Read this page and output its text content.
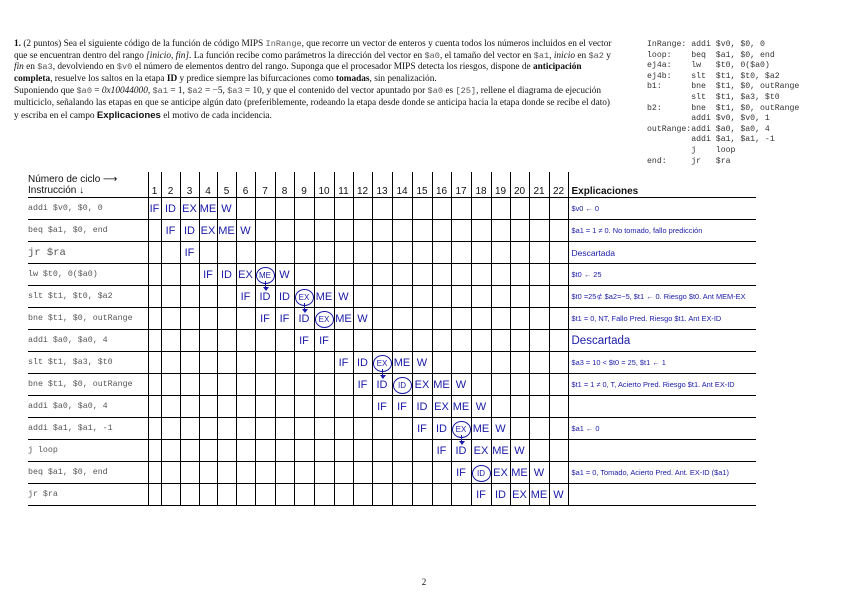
1. (2 puntos) Sea el siguiente código de la función de código MIPS InRange, que recorre un vector de enteros y cuenta todos los números incluidos en el vector que se encuentran dentro del rango [inicio, fin]. La función recibe como parámetros la dirección del vector en $a0, el tamaño del vector en $a1, inicio en $a2 y fin en $a3, devolviendo en $v0 el número de elementos dentro del rango. Suponga que el procesador MIPS detecta los riesgos, dispone de anticipación completa, resuelve los saltos en la etapa ID y predice siempre las bifurcaciones como tomadas, sin penalización.

Suponiendo que $a0 = 0x10044000, $a1 = 1, $a2 = −5, $a3 = 10, y que el contenido del vector apuntado por $a0 es [25], rellene el diagrama de ejecución multiciclo, señalando las etapas en que se anticipe algún dato (preferiblemente, rodeando la etapa desde donde se anticipa hacia la etapa donde se recibe el dato) y escriba en el campo Explicaciones el motivo de cada incidencia.

InRange: addi $v0, $0, 0
loop:    beq  $a1, $0, end
ej4a:    lw   $t0, 0($a0)
ej4b:    slt  $t1, $t0, $a2
b1:      bne  $t1, $0, outRange
slt  $t1, $a3, $t0
b2:      bne  $t1, $0, outRange
addi $v0, $v0, 1
outRange:addi $a0, $a0, 4
addi $a1, $a1, -1
j    loop
end:     jr   $ra
Número de ciclo ⟶
Instrucción ↓	1	2	3	4	5	6	7	8	9	10	11	12	13	14	15	16	17	18	19	20	21	22	Explicaciones
addi $v0, $0, 0	IF	ID	EX	ME	W																		$v0 ← 0
beq $a1, $0, end		IF	ID	EX	ME	W																	$a1 = 1 ≠ 0. No tomado, fallo predicción
jr $ra			IF																				Descartada
lw $t0, 0($a0)				IF	ID	EX	ME	W															$t0 ← 25
slt $t1, $t0, $a2						IF	ID	ID	EX	ME	W												$t0 =25⊄ $a2=−5, $t1 ← 0. Riesgo $t0. Ant MEM-EX
bne $t1, $0, outRange							IF	IF	ID	EX	ME	W											$t1 = 0, NT, Fallo Pred. Riesgo $t1. Ant EX-ID
addi $a0, $a0, 4									IF	IF													Descartada
slt $t1, $a3, $t0											IF	ID	EX	ME	W								$a3 = 10 < $t0 = 25, $t1 ← 1
bne $t1, $0, outRange												IF	ID	ID	EX	ME	W						$t1 = 1 ≠ 0, T, Acierto Pred. Riesgo $t1. Ant EX-ID
addi $a0, $a0, 4													IF	IF	ID	EX	ME	W					
addi $a1, $a1, -1															IF	ID	EX	ME	W				$a1 ← 0
j loop																IF	ID	EX	ME	W			
beq $a1, $0, end																	IF	ID	EX	ME	W		$a1 = 0, Tomado, Acierto Pred. Ant. EX-ID ($a1)
jr $ra																		IF	ID	EX	ME	W	
2
